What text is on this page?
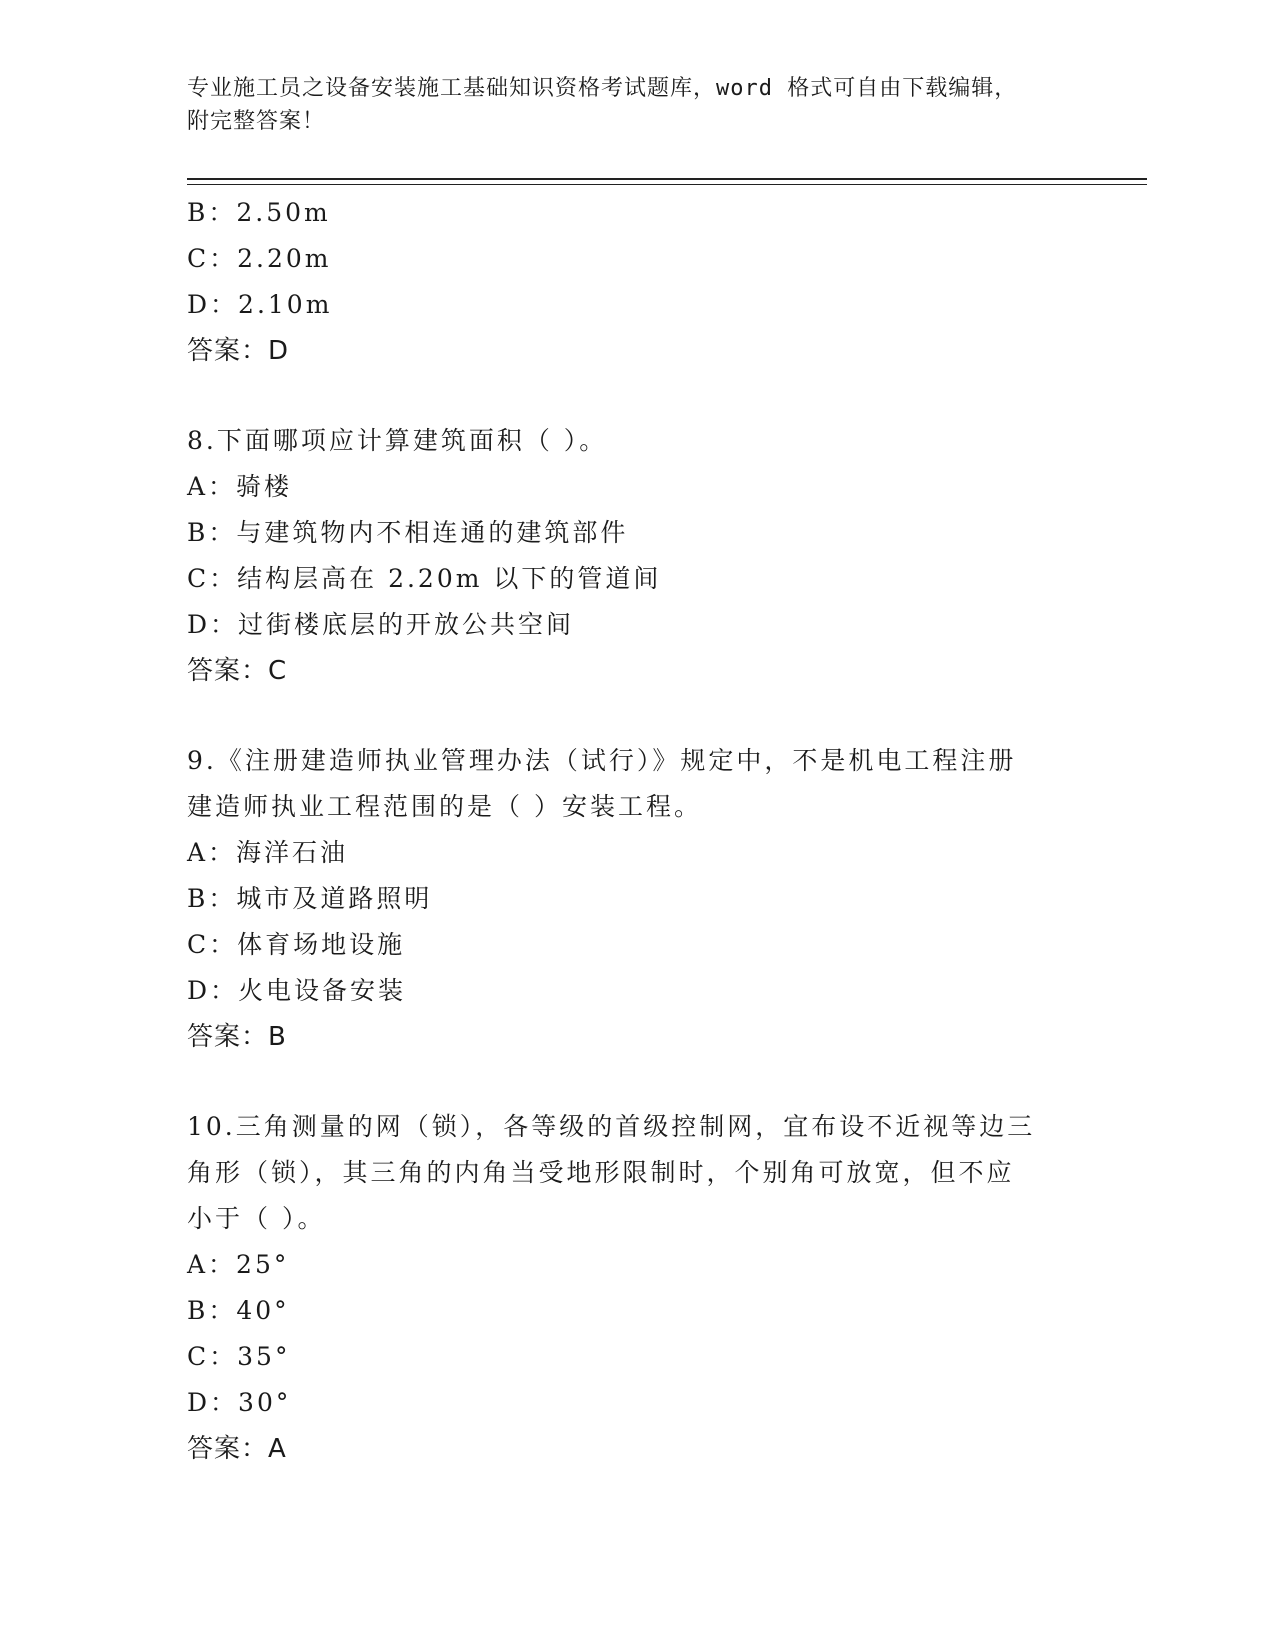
专业施工员之设备安装施工基础知识资格考试题库，word 格式可自由下载编辑，
附完整答案！
B：2.50m
C：2.20m
D：2.10m
答案：D
8.下面哪项应计算建筑面积（ ）。
A：骑楼
B：与建筑物内不相连通的建筑部件
C：结构层高在 2.20m 以下的管道间
D：过街楼底层的开放公共空间
答案：C
9.《注册建造师执业管理办法（试行）》规定中，不是机电工程注册
建造师执业工程范围的是（ ）安装工程。
A：海洋石油
B：城市及道路照明
C：体育场地设施
D：火电设备安装
答案：B
10.三角测量的网（锁），各等级的首级控制网，宜布设不近视等边三
角形（锁），其三角的内角当受地形限制时，个别角可放宽，但不应
小于（ ）。
A：25°
B：40°
C：35°
D：30°
答案：A
